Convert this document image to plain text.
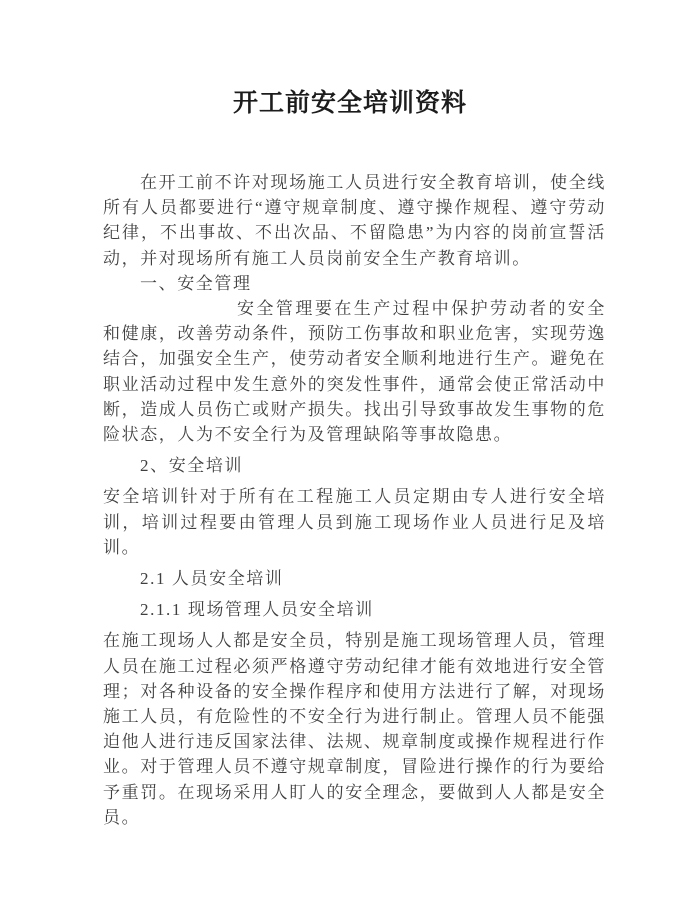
开工前安全培训资料

在开工前不许对现场施工人员进行安全教育培训，使全线所有人员都要进行“遵守规章制度、遵守操作规程、遵守劳动纪律，不出事故、不出次品、不留隐患”为内容的岗前宣誓活动，并对现场所有施工人员岗前安全生产教育培训。

一、安全管理

安全管理要在生产过程中保护劳动者的安全和健康，改善劳动条件，预防工伤事故和职业危害，实现劳逸结合，加强安全生产，使劳动者安全顺利地进行生产。避免在职业活动过程中发生意外的突发性事件，通常会使正常活动中断，造成人员伤亡或财产损失。找出引导致事故发生事物的危险状态，人为不安全行为及管理缺陷等事故隐患。

2、安全培训

安全培训针对于所有在工程施工人员定期由专人进行安全培训，培训过程要由管理人员到施工现场作业人员进行足及培训。

2.1 人员安全培训

2.1.1 现场管理人员安全培训

在施工现场人人都是安全员，特别是施工现场管理人员，管理人员在施工过程必须严格遵守劳动纪律才能有效地进行安全管理；对各种设备的安全操作程序和使用方法进行了解，对现场施工人员，有危险性的不安全行为进行制止。管理人员不能强迫他人进行违反国家法律、法规、规章制度或操作规程进行作业。对于管理人员不遵守规章制度，冒险进行操作的行为要给予重罚。在现场采用人盯人的安全理念，要做到人人都是安全员。
